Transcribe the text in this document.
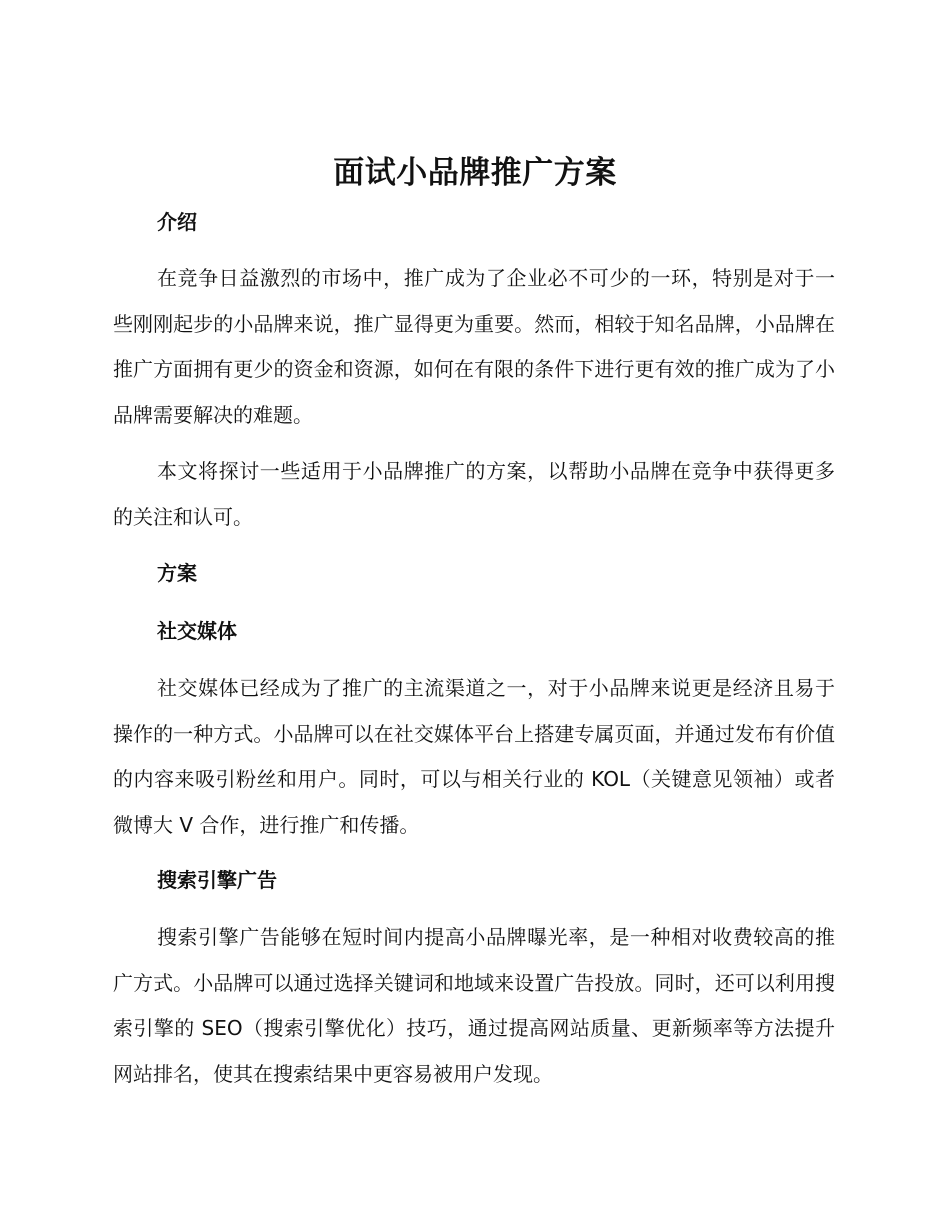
面试小品牌推广方案
介绍

在竞争日益激烈的市场中，推广成为了企业必不可少的一环，特别是对于一些刚刚起步的小品牌来说，推广显得更为重要。然而，相较于知名品牌，小品牌在推广方面拥有更少的资金和资源，如何在有限的条件下进行更有效的推广成为了小品牌需要解决的难题。

本文将探讨一些适用于小品牌推广的方案，以帮助小品牌在竞争中获得更多的关注和认可。

方案
社交媒体

社交媒体已经成为了推广的主流渠道之一，对于小品牌来说更是经济且易于操作的一种方式。小品牌可以在社交媒体平台上搭建专属页面，并通过发布有价值的内容来吸引粉丝和用户。同时，可以与相关行业的 KOL（关键意见领袖）或者微博大 V 合作，进行推广和传播。

搜索引擎广告

搜索引擎广告能够在短时间内提高小品牌曝光率，是一种相对收费较高的推广方式。小品牌可以通过选择关键词和地域来设置广告投放。同时，还可以利用搜索引擎的 SEO（搜索引擎优化）技巧，通过提高网站质量、更新频率等方法提升网站排名，使其在搜索结果中更容易被用户发现。
